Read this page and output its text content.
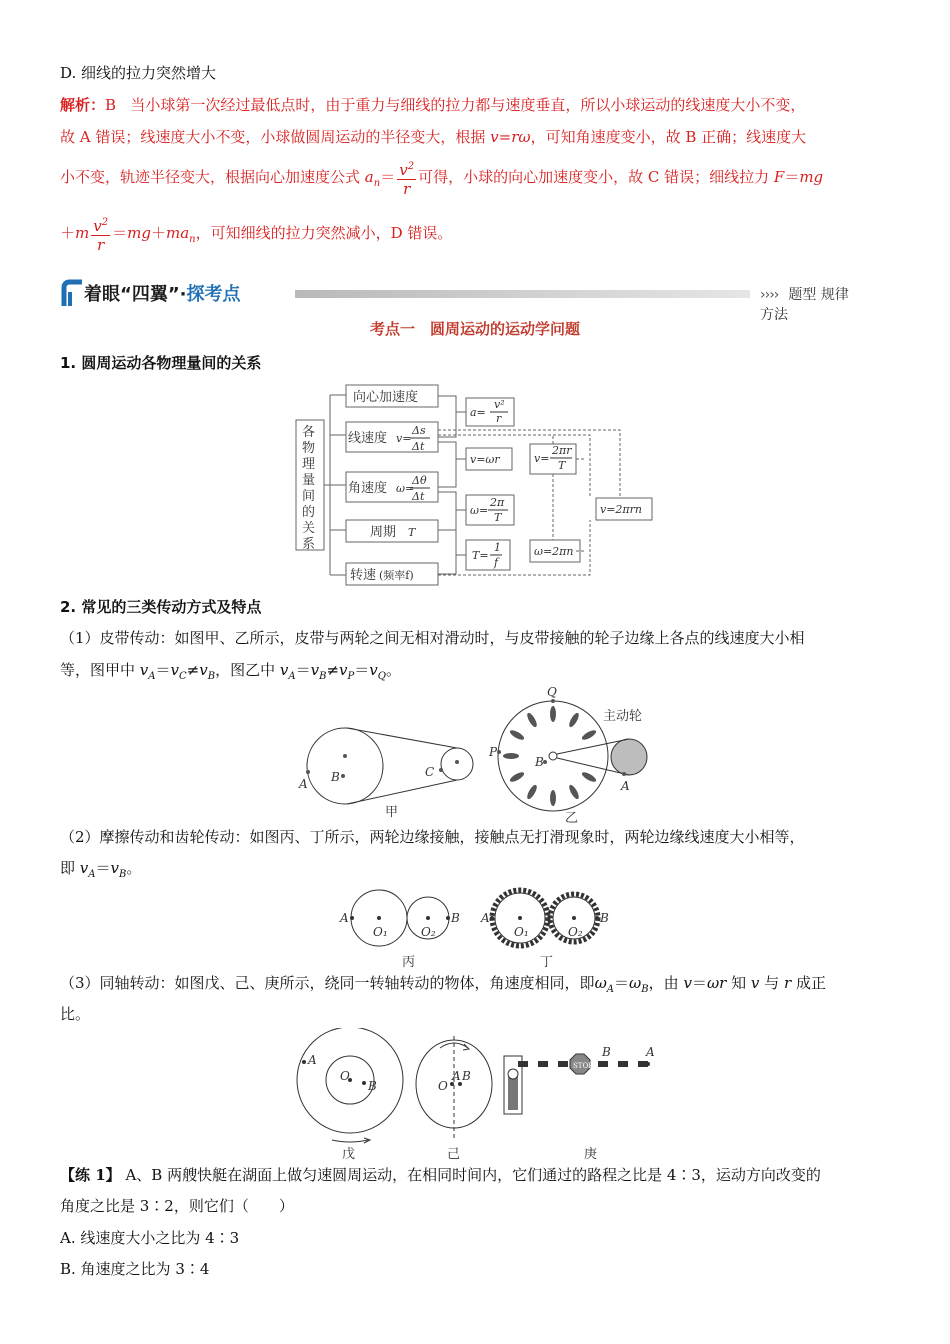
D. 细线的拉力突然增大
解析：B 当小球第一次经过最低点时，由于重力与细线的拉力都与速度垂直，所以小球运动的线速度大小不变，
故 A 错误；线速度大小不变，小球做圆周运动的半径变大，根据 v=rω，可知角速度变小，故 B 正确；线速度大
小不变，轨迹半径变大，根据向心加速度公式 $a_n= \frac{v^2}{r}$ 可得，小球的向心加速度变小，故 C 错误；细线拉力 F＝mg
$+m \frac{v^2}{r} =mg+ma_n$，可知细线的拉力突然减小，D 错误。
着眼“四翼”·探考点	›››› 题型 规律 方法
考点一　圆周运动的运动学问题
1. 圆周运动各物理量间的关系
各
物
理
量
间
的
关
系
向心加速度
线速度
角速度
周期
转速 (频率f)
v=
Δs
Δt
ω=
Δθ
Δt
T
a=
v²
r
v=ωr
ω=
2π
T
T=
1
f
v=
2πr
T
ω=2πn
v=2πrn
2. 常见的三类传动方式及特点
（1）皮带传动：如图甲、乙所示，皮带与两轮之间无相对滑动时，与皮带接触的轮子边缘上各点的线速度大小相
等，图甲中 $v_A=v_C\ne v_B$，图乙中 $v_A=v_B\ne v_P=v_Q$。
A B	C
Q
P
B
A
甲	乙
主动轮
（2）摩擦传动和齿轮传动：如图丙、丁所示，两轮边缘接触，接触点无打滑现象时，两轮边缘线速度大小相等，
即 $v_A=v_B$。
A	B
O₁	O₂
A	B
O₁	O₂
丙	丁
（3）同轴转动：如图戊、己、庚所示，绕同一转轴转动的物体，角速度相同，即$\omega_A=\omega_B$，由 v＝ωr 知 v 与 r 成正
比。
STOP
A
O
B	O
A B
B	A
戊	己	庚
【练 1】 A、B 两艘快艇在湖面上做匀速圆周运动，在相同时间内，它们通过的路程之比是 4∶3，运动方向改变的
角度之比是 3∶2，则它们（　　）
A. 线速度大小之比为 4∶3
B. 角速度之比为 3∶4
